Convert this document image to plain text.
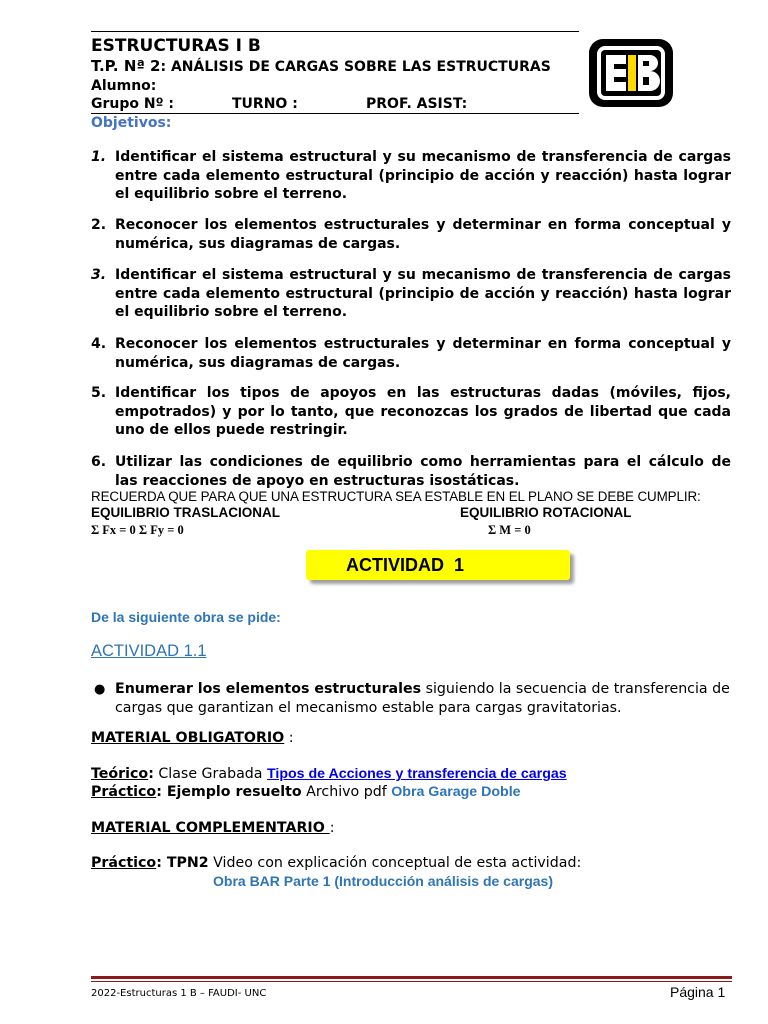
ESTRUCTURAS I B
T.P. Nª 2: ANÁLISIS DE CARGAS SOBRE LAS ESTRUCTURAS
Alumno:
Grupo Nº :	TURNO :	PROF. ASIST:
Objetivos:
1. Identificar el sistema estructural y su mecanismo de transferencia de cargas entre cada elemento estructural (principio de acción y reacción) hasta lograr el equilibrio sobre el terreno.
2. Reconocer los elementos estructurales y determinar en forma conceptual y numérica, sus diagramas de cargas.
3. Identificar el sistema estructural y su mecanismo de transferencia de cargas entre cada elemento estructural (principio de acción y reacción) hasta lograr el equilibrio sobre el terreno.
4. Reconocer los elementos estructurales y determinar en forma conceptual y numérica, sus diagramas de cargas.
5. Identificar los tipos de apoyos en las estructuras dadas (móviles, fijos, empotrados) y por lo tanto, que reconozcas los grados de libertad que cada uno de ellos puede restringir.
6. Utilizar las condiciones de equilibrio como herramientas para el cálculo de las reacciones de apoyo en estructuras isostáticas.
RECUERDA QUE PARA QUE UNA ESTRUCTURA SEA ESTABLE EN EL PLANO SE DEBE CUMPLIR:
EQUILIBRIO TRASLACIONAL	EQUILIBRIO ROTACIONAL
Σ Fx = 0 Σ Fy = 0	Σ M = 0
ACTIVIDAD  1
De la siguiente obra se pide:
ACTIVIDAD 1.1
● Enumerar los elementos estructurales siguiendo la secuencia de transferencia de cargas que garantizan el mecanismo estable para cargas gravitatorias.
MATERIAL OBLIGATORIO :
Teórico: Clase Grabada Tipos de Acciones y transferencia de cargas
Práctico: Ejemplo resuelto Archivo pdf Obra Garage Doble
MATERIAL COMPLEMENTARIO :
Práctico: TPN2 Video con explicación conceptual de esta actividad:
Obra BAR Parte 1 (Introducción análisis de cargas)
2022-Estructuras 1 B – FAUDI- UNC	Página 1
